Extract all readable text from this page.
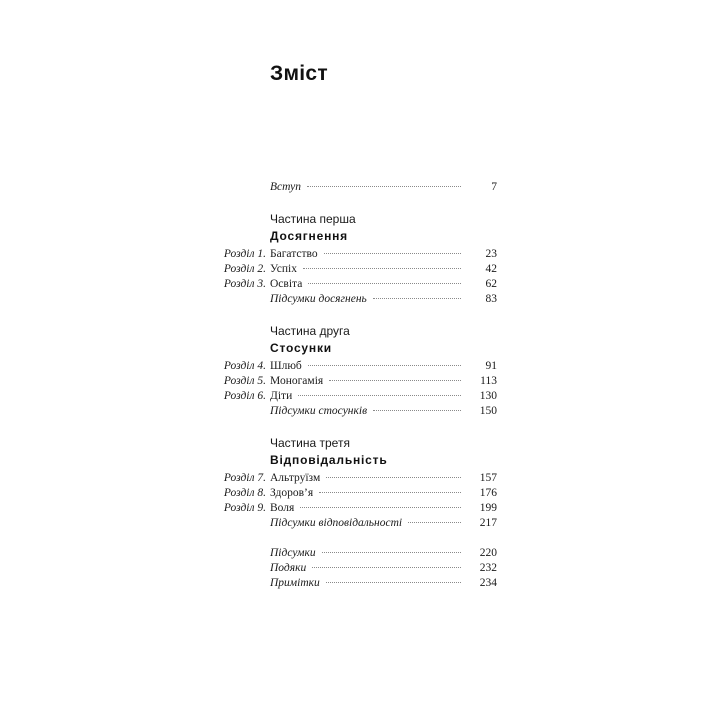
Зміст
Вступ	7
Частина перша
Досягнення
Розділ 1. Багатство	23
Розділ 2. Успіх	42
Розділ 3. Освіта	62
Підсумки досягнень	83
Частина друга
Стосунки
Розділ 4. Шлюб	91
Розділ 5. Моногамія	113
Розділ 6. Діти	130
Підсумки стосунків	150
Частина третя
Відповідальність
Розділ 7. Альтруїзм	157
Розділ 8. Здоров’я	176
Розділ 9. Воля	199
Підсумки відповідальності	217
Підсумки	220
Подяки	232
Примітки	234
